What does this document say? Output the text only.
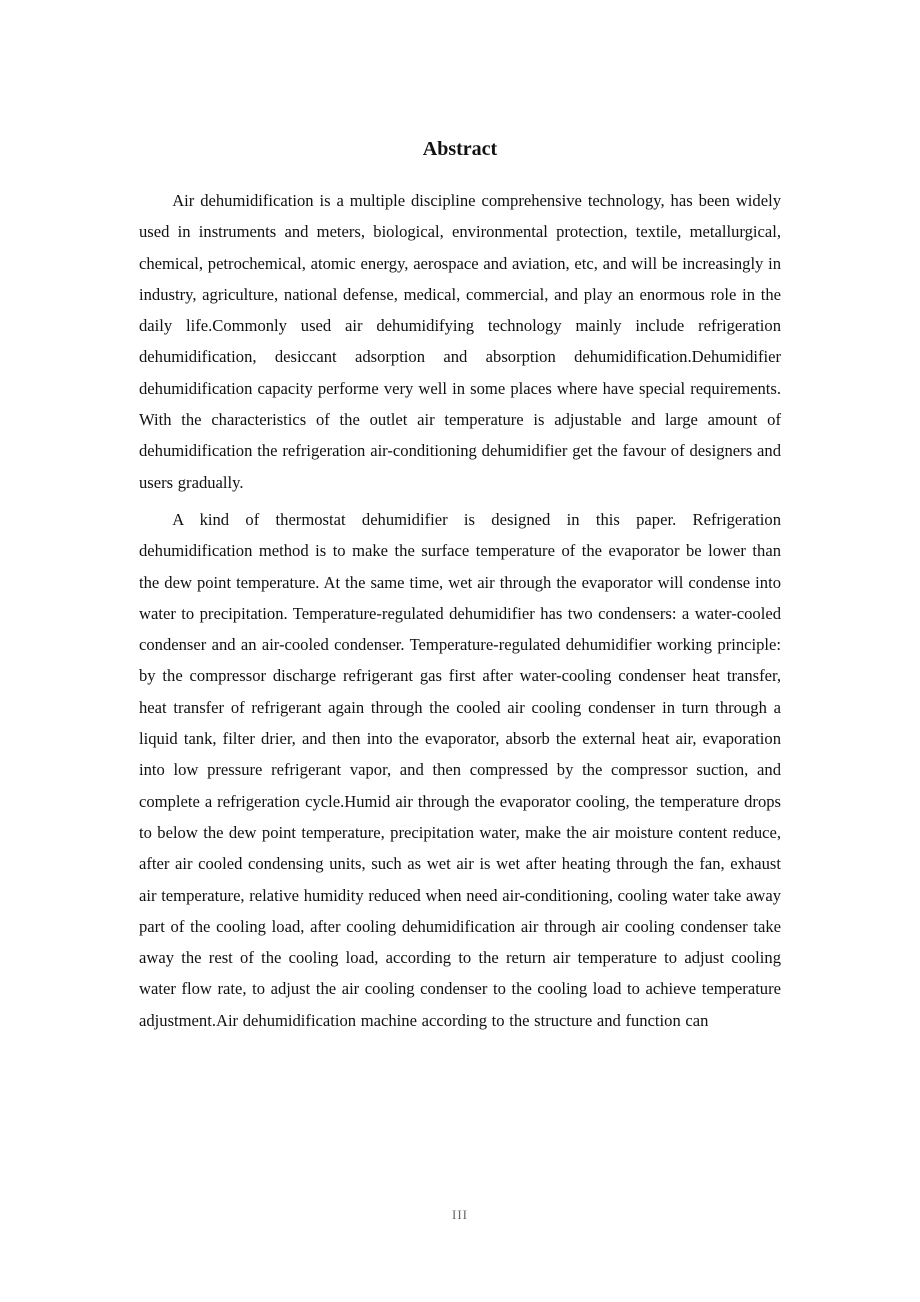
Abstract

Air dehumidification is a multiple discipline comprehensive technology, has been widely used in instruments and meters, biological, environmental protection, textile, metallurgical, chemical, petrochemical, atomic energy, aerospace and aviation, etc, and will be increasingly in industry, agriculture, national defense, medical, commercial, and play an enormous role in the daily life.Commonly used air dehumidifying technology mainly include refrigeration dehumidification, desiccant adsorption and absorption dehumidification.Dehumidifier dehumidification capacity performe very well in some places where have special requirements. With the characteristics of the outlet air temperature is adjustable and large amount of dehumidification the refrigeration air-conditioning dehumidifier get the favour of designers and users gradually.

A kind of thermostat dehumidifier is designed in this paper. Refrigeration dehumidification method is to make the surface temperature of the evaporator be lower than the dew point temperature. At the same time, wet air through the evaporator will condense into water to precipitation. Temperature-regulated dehumidifier has two condensers: a water-cooled condenser and an air-cooled condenser. Temperature-regulated dehumidifier working principle: by the compressor discharge refrigerant gas first after water-cooling condenser heat transfer, heat transfer of refrigerant again through the cooled air cooling condenser in turn through a liquid tank, filter drier, and then into the evaporator, absorb the external heat air, evaporation into low pressure refrigerant vapor, and then compressed by the compressor suction, and complete a refrigeration cycle.Humid air through the evaporator cooling, the temperature drops to below the dew point temperature, precipitation water, make the air moisture content reduce, after air cooled condensing units, such as wet air is wet after heating through the fan, exhaust air temperature, relative humidity reduced when need air-conditioning, cooling water take away part of the cooling load, after cooling dehumidification air through air cooling condenser take away the rest of the cooling load, according to the return air temperature to adjust cooling water flow rate, to adjust the air cooling condenser to the cooling load to achieve temperature adjustment.Air dehumidification machine according to the structure and function can

III
